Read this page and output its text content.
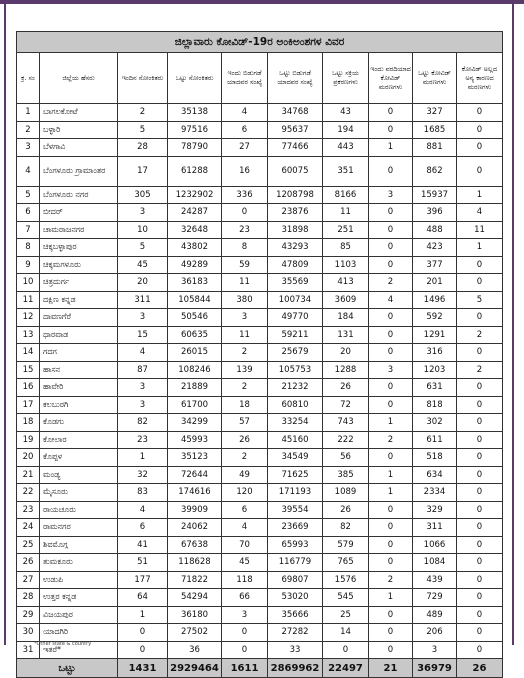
ಜಿಲ್ಲಾವಾರು ಕೋವಿಡ್-19ರ ಅಂಕಿಅಂಶಗಳ ವಿವರ									
ಕ್ರ. ಸಂ	ಜಿಲ್ಲೆಯ ಹೆಸರು	ಇಂದಿನ ಸೋಂಕಿತರು	ಒಟ್ಟು ಸೋಂಕಿತರು	ಇಂದು ಬಿಡುಗಡೆ ಯಾದವರ ಸಂಖ್ಯೆ	ಒಟ್ಟು ಬಿಡುಗಡೆ ಯಾದವರ ಸಂಖ್ಯೆ	ಒಟ್ಟು ಸಕ್ರಿಯ ಪ್ರಕರಣಗಳು	ಇಂದು ವರದಿಯಾದ ಕೋವಿಡ್ ಮರಣಗಳು	ಒಟ್ಟು ಕೋವಿಡ್ ಮರಣಗಳು	ಕೋವಿಡ್ ಅಲ್ಲದ ಅನ್ಯ ಕಾರಣದ ಮರಣಗಳು
1	ಬಾಗಲಕೋಟೆ	2	35138	4	34768	43	0	327	0
2	ಬಳ್ಳಾರಿ	5	97516	6	95637	194	0	1685	0
3	ಬೆಳಗಾವಿ	28	78790	27	77466	443	1	881	0
4	ಬೆಂಗಳೂರು ಗ್ರಾಮಾಂತರ	17	61288	16	60075	351	0	862	0
5	ಬೆಂಗಳೂರು ನಗರ	305	1232902	336	1208798	8166	3	15937	1
6	ಬೀದರ್	3	24287	0	23876	11	0	396	4
7	ಚಾಮರಾಜನಗರ	10	32648	23	31898	251	0	488	11
8	ಚಿಕ್ಕಬಳ್ಳಾಪುರ	5	43802	8	43293	85	0	423	1
9	ಚಿಕ್ಕಮಗಳೂರು	45	49289	59	47809	1103	0	377	0
10	ಚಿತ್ರದುರ್ಗ	20	36183	11	35569	413	2	201	0
11	ದಕ್ಷಿಣ ಕನ್ನಡ	311	105844	380	100734	3609	4	1496	5
12	ದಾವಣಗೆರೆ	3	50546	3	49770	184	0	592	0
13	ಧಾರವಾಡ	15	60635	11	59211	131	0	1291	2
14	ಗದಗ	4	26015	2	25679	20	0	316	0
15	ಹಾಸನ	87	108246	139	105753	1288	3	1203	2
16	ಹಾವೇರಿ	3	21889	2	21232	26	0	631	0
17	ಕಲಬುರಗಿ	3	61700	18	60810	72	0	818	0
18	ಕೊಡಗು	82	34299	57	33254	743	1	302	0
19	ಕೋಲಾರ	23	45993	26	45160	222	2	611	0
20	ಕೊಪ್ಪಳ	1	35123	2	34549	56	0	518	0
21	ಮಂಡ್ಯ	32	72644	49	71625	385	1	634	0
22	ಮೈಸೂರು	83	174616	120	171193	1089	1	2334	0
23	ರಾಯಚೂರು	4	39909	6	39554	26	0	329	0
24	ರಾಮನಗರ	6	24062	4	23669	82	0	311	0
25	ಶಿವಮೊಗ್ಗ	41	67638	70	65993	579	0	1066	0
26	ತುಮಕೂರು	51	118628	45	116779	765	0	1084	0
27	ಉಡುಪಿ	177	71822	118	69807	1576	2	439	0
28	ಉತ್ತರ ಕನ್ನಡ	64	54294	66	53020	545	1	729	0
29	ವಿಜಯಪುರ	1	36180	3	35666	25	0	489	0
30	ಯಾದಗಿರಿ	0	27502	0	27282	14	0	206	0
31	ಇತರೆ*	0	36	0	33	0	0	3	0
ಒಟ್ಟು		1431	2929464	1611	2869962	22497	21	36979	26
*Other state & country
